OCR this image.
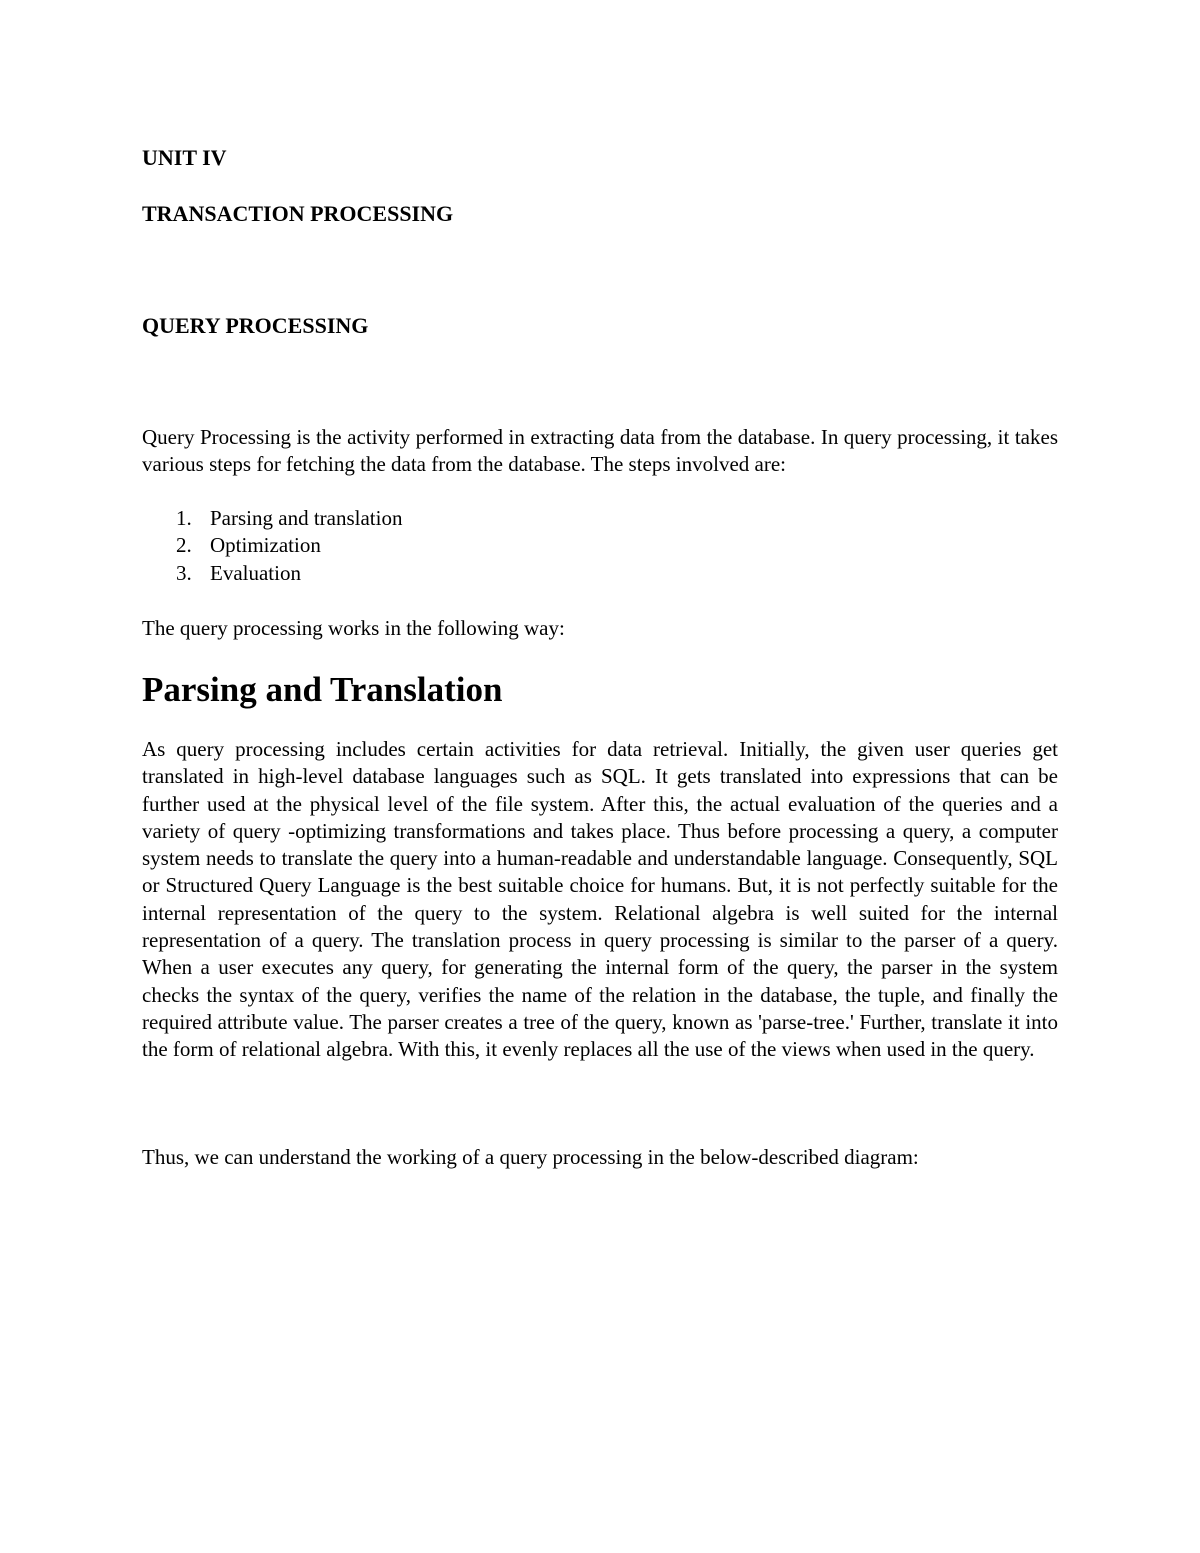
UNIT IV
TRANSACTION PROCESSING
QUERY PROCESSING

Query Processing is the activity performed in extracting data from the database. In query processing, it takes various steps for fetching the data from the database. The steps involved are:

1. Parsing and translation
2. Optimization
3. Evaluation

The query processing works in the following way:

Parsing and Translation

As query processing includes certain activities for data retrieval. Initially, the given user queries get translated in high-level database languages such as SQL. It gets translated into expressions that can be further used at the physical level of the file system. After this, the actual evaluation of the queries and a variety of query -optimizing transformations and takes place. Thus before processing a query, a computer system needs to translate the query into a human-readable and understandable language. Consequently, SQL or Structured Query Language is the best suitable choice for humans. But, it is not perfectly suitable for the internal representation of the query to the system. Relational algebra is well suited for the internal representation of a query. The translation process in query processing is similar to the parser of a query. When a user executes any query, for generating the internal form of the query, the parser in the system checks the syntax of the query, verifies the name of the relation in the database, the tuple, and finally the required attribute value. The parser creates a tree of the query, known as 'parse-tree.' Further, translate it into the form of relational algebra. With this, it evenly replaces all the use of the views when used in the query.

Thus, we can understand the working of a query processing in the below-described diagram:
